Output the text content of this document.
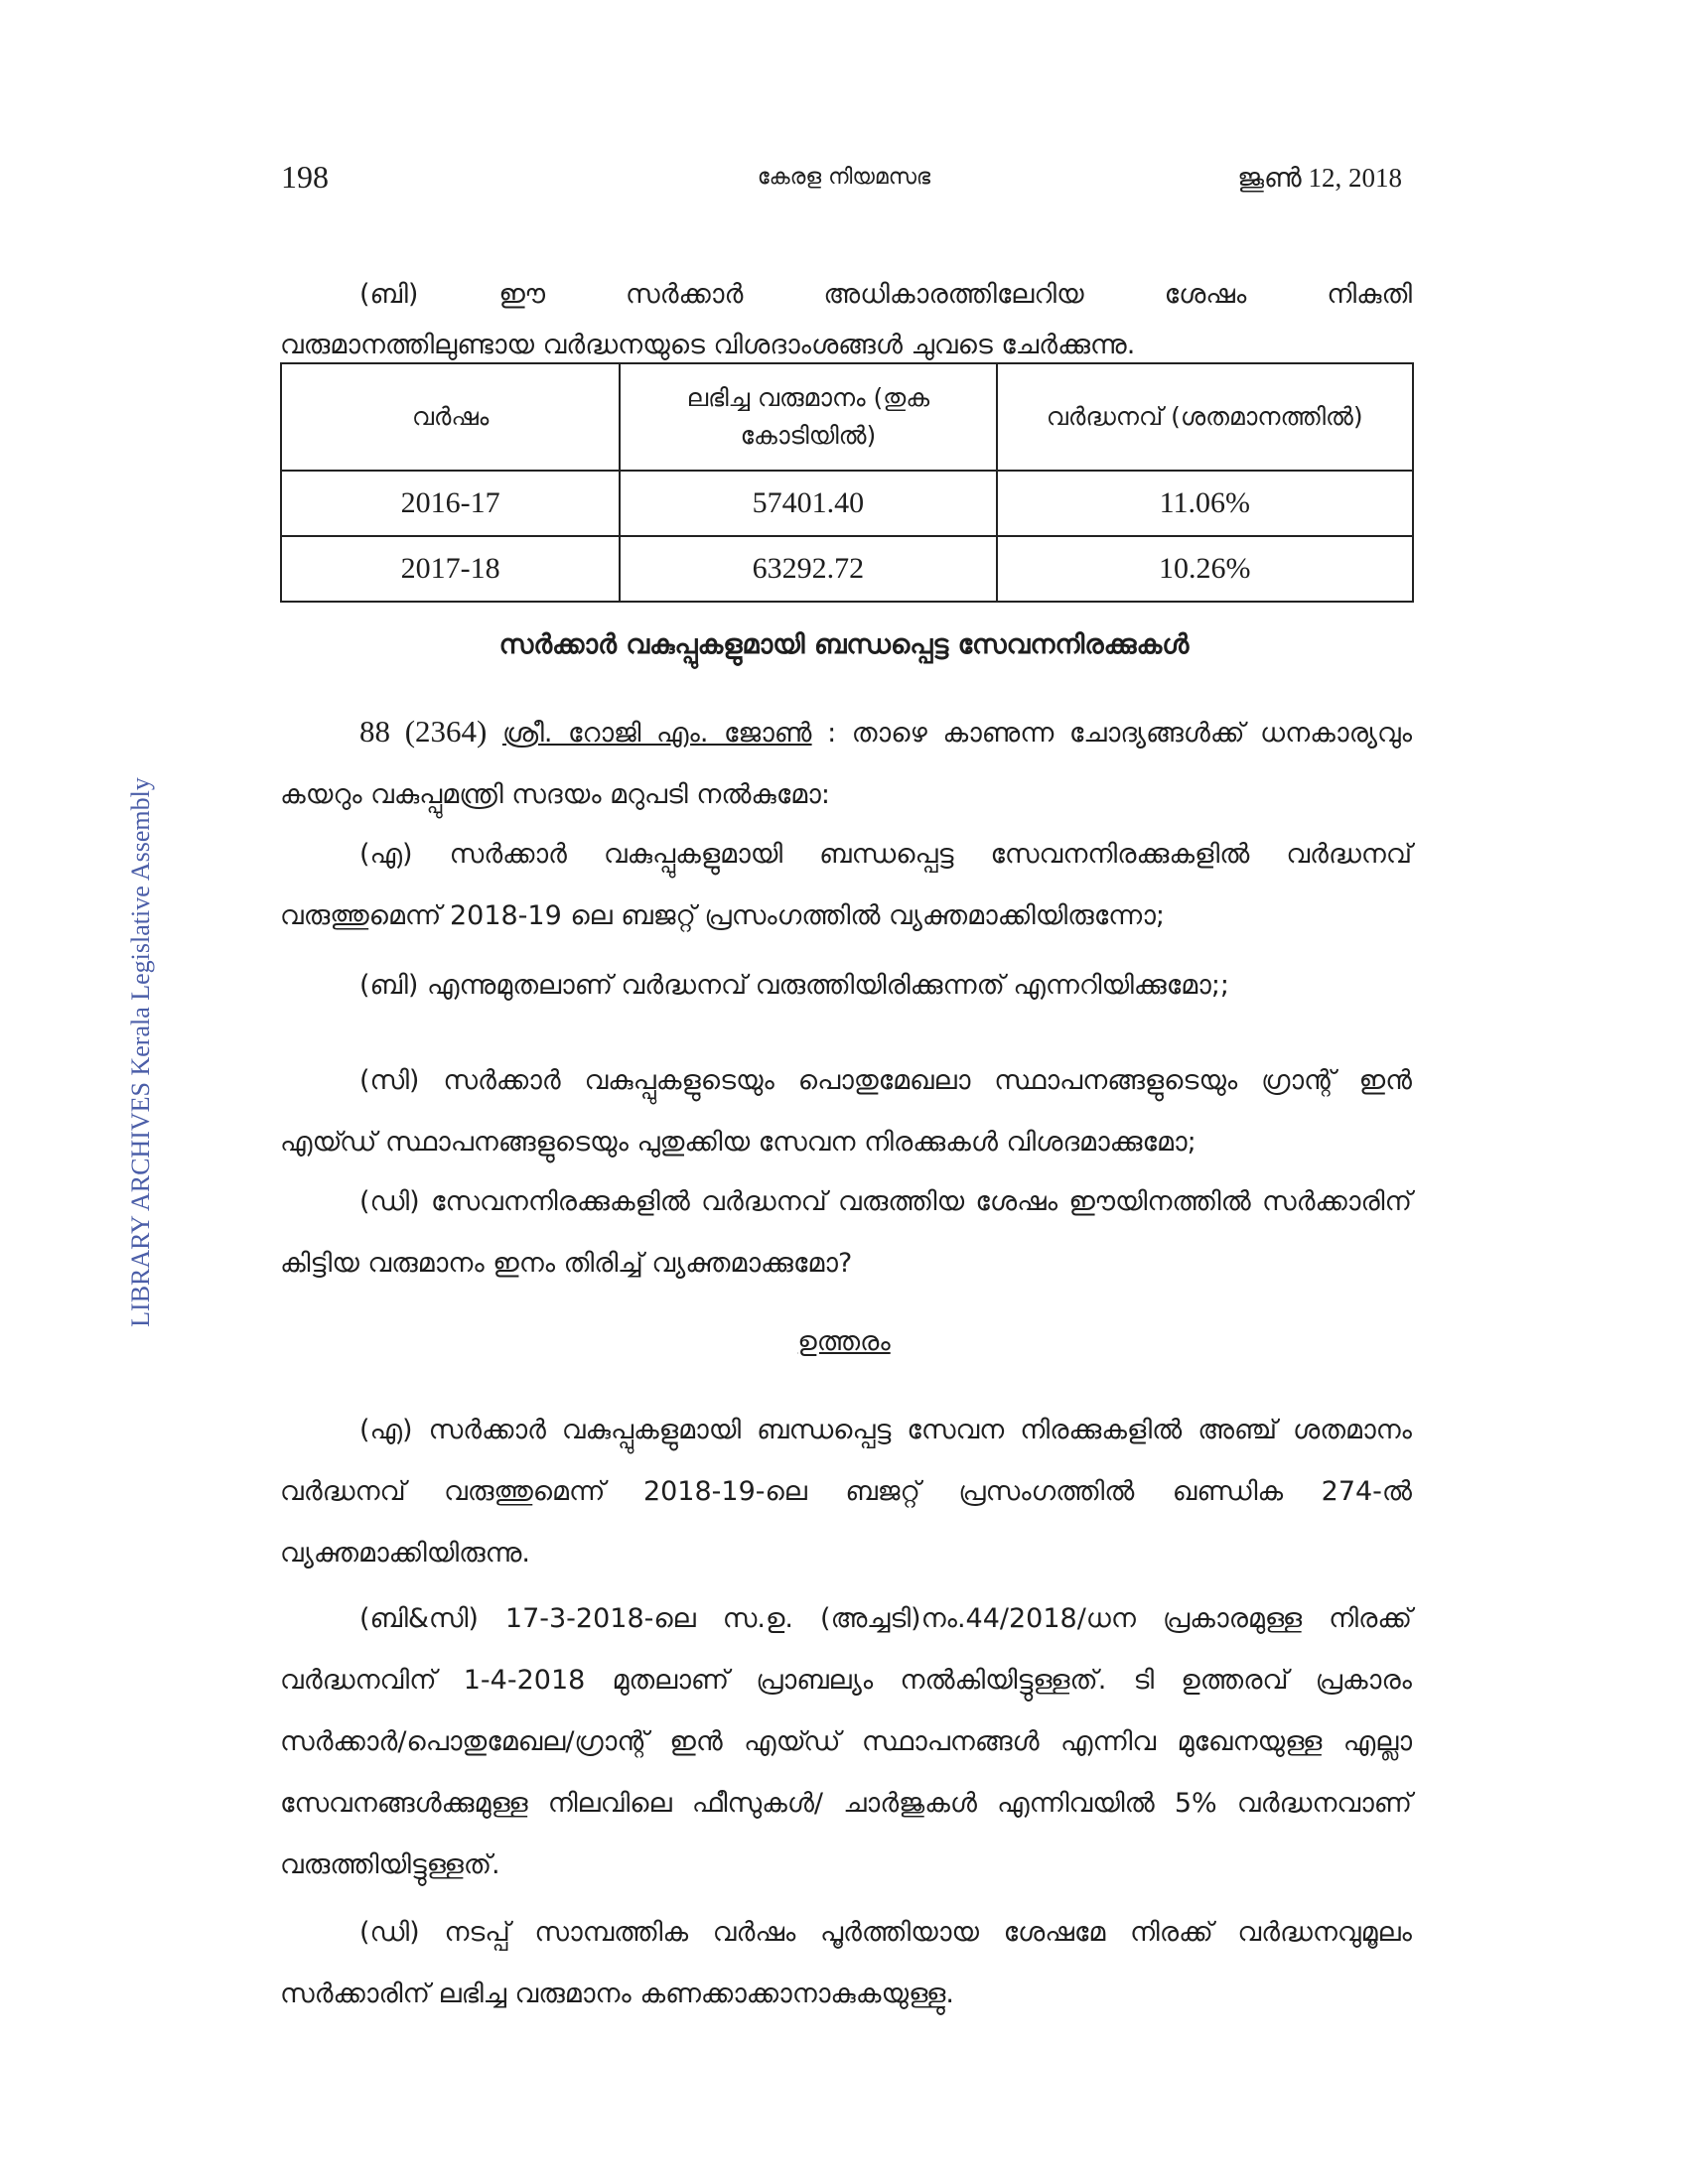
198	കേരള നിയമസഭ	ജൂൺ 12, 2018
LIBRARY ARCHIVES Kerala Legislative Assembly
(ബി) ഈ സർക്കാർ അധികാരത്തിലേറിയ ശേഷം നികുതി
വരുമാനത്തിലുണ്ടായ വർദ്ധനയുടെ വിശദാംശങ്ങൾ ചുവടെ ചേർക്കുന്നു.
വർഷം	ലഭിച്ച വരുമാനം (തുക കോടിയിൽ)	വർദ്ധനവ് (ശതമാനത്തിൽ)
2016-17	57401.40	11.06%
2017-18	63292.72	10.26%
സർക്കാർ വകുപ്പുകളുമായി ബന്ധപ്പെട്ട സേവനനിരക്കുകൾ
88 (2364) ശ്രീ. റോജി എം. ജോൺ : താഴെ കാണുന്ന ചോദ്യങ്ങൾക്ക് ധനകാര്യവും കയറും വകുപ്പുമന്ത്രി സദയം മറുപടി നൽകുമോ:
(എ) സർക്കാർ വകുപ്പുകളുമായി ബന്ധപ്പെട്ട സേവനനിരക്കുകളിൽ വർദ്ധനവ് വരുത്തുമെന്ന് 2018-19 ലെ ബജറ്റ് പ്രസംഗത്തിൽ വ്യക്തമാക്കിയിരുന്നോ;
(ബി) എന്നുമുതലാണ് വർദ്ധനവ് വരുത്തിയിരിക്കുന്നത് എന്നറിയിക്കുമോ;;
(സി) സർക്കാർ വകുപ്പുകളുടെയും പൊതുമേഖലാ സ്ഥാപനങ്ങളുടെയും ഗ്രാന്റ് ഇൻ എയ്ഡ് സ്ഥാപനങ്ങളുടെയും പുതുക്കിയ സേവന നിരക്കുകൾ വിശദമാക്കുമോ;
(ഡി) സേവനനിരക്കുകളിൽ വർദ്ധനവ് വരുത്തിയ ശേഷം ഈയിനത്തിൽ സർക്കാരിന് കിട്ടിയ വരുമാനം ഇനം തിരിച്ച് വ്യക്തമാക്കുമോ?
ഉത്തരം
(എ) സർക്കാർ വകുപ്പുകളുമായി ബന്ധപ്പെട്ട സേവന നിരക്കുകളിൽ അഞ്ച് ശതമാനം വർദ്ധനവ് വരുത്തുമെന്ന് 2018-19-ലെ ബജറ്റ് പ്രസംഗത്തിൽ ഖണ്ഡിക 274-ൽ വ്യക്തമാക്കിയിരുന്നു.
(ബി&സി) 17-3-2018-ലെ സ.ഉ. (അച്ചടി)നം.44/2018/ധന പ്രകാരമുള്ള നിരക്ക് വർദ്ധനവിന് 1-4-2018 മുതലാണ് പ്രാബല്യം നൽകിയിട്ടുള്ളത്. ടി ഉത്തരവ് പ്രകാരം സർക്കാർ/പൊതുമേഖല/ഗ്രാന്റ് ഇൻ എയ്ഡ് സ്ഥാപനങ്ങൾ എന്നിവ മുഖേനയുള്ള എല്ലാ സേവനങ്ങൾക്കുമുള്ള നിലവിലെ ഫീസുകൾ/ ചാർജുകൾ എന്നിവയിൽ 5% വർദ്ധനവാണ് വരുത്തിയിട്ടുള്ളത്.
(ഡി) നടപ്പ് സാമ്പത്തിക വർഷം പൂർത്തിയായ ശേഷമേ നിരക്ക് വർദ്ധനവുമൂലം സർക്കാരിന് ലഭിച്ച വരുമാനം കണക്കാക്കാനാകുകയുള്ളു.
